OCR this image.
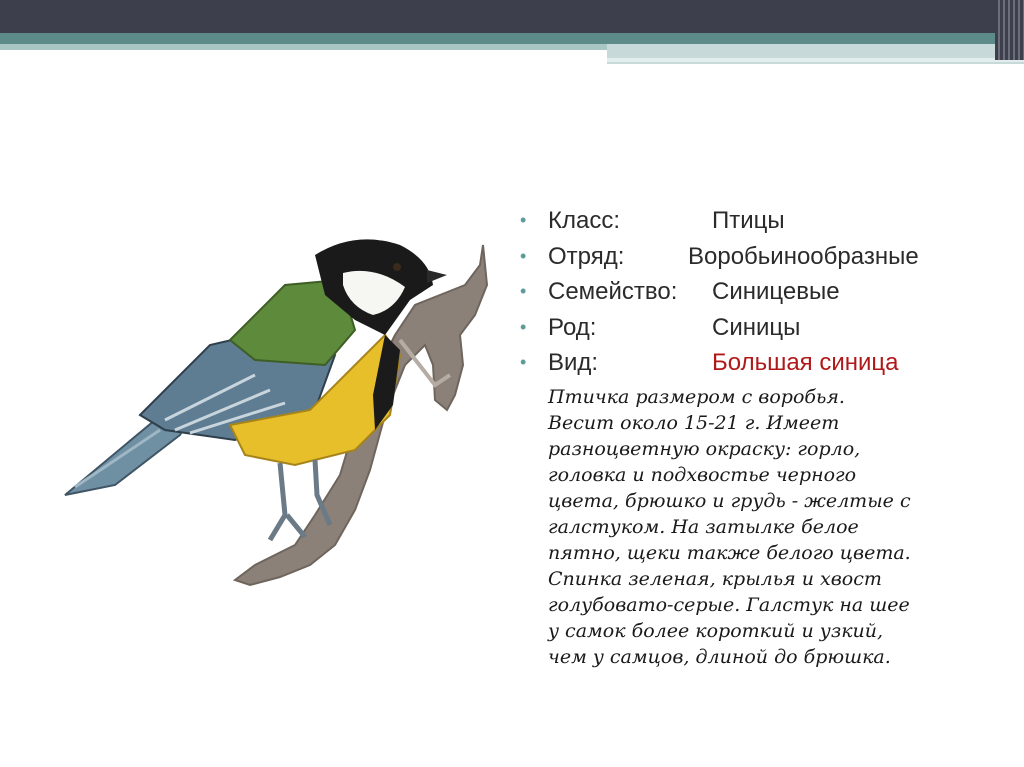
• Класс:	Птицы
• Отряд:	Воробьинообразные
• Семейство: Синицевые
• Род:	Синицы
• Вид:	Большая синица

Птичка размером с воробья.
Весит около 15-21 г. Имеет
разноцветную окраску: горло,
головка и подхвостье черного
цвета, брюшко и грудь - желтые с
галстуком. На затылке белое
пятно, щеки также белого цвета.
Спинка зеленая, крылья и хвост
голубовато-серые. Галстук на шее
у самок более короткий и узкий,
чем у самцов, длиной до брюшка.
